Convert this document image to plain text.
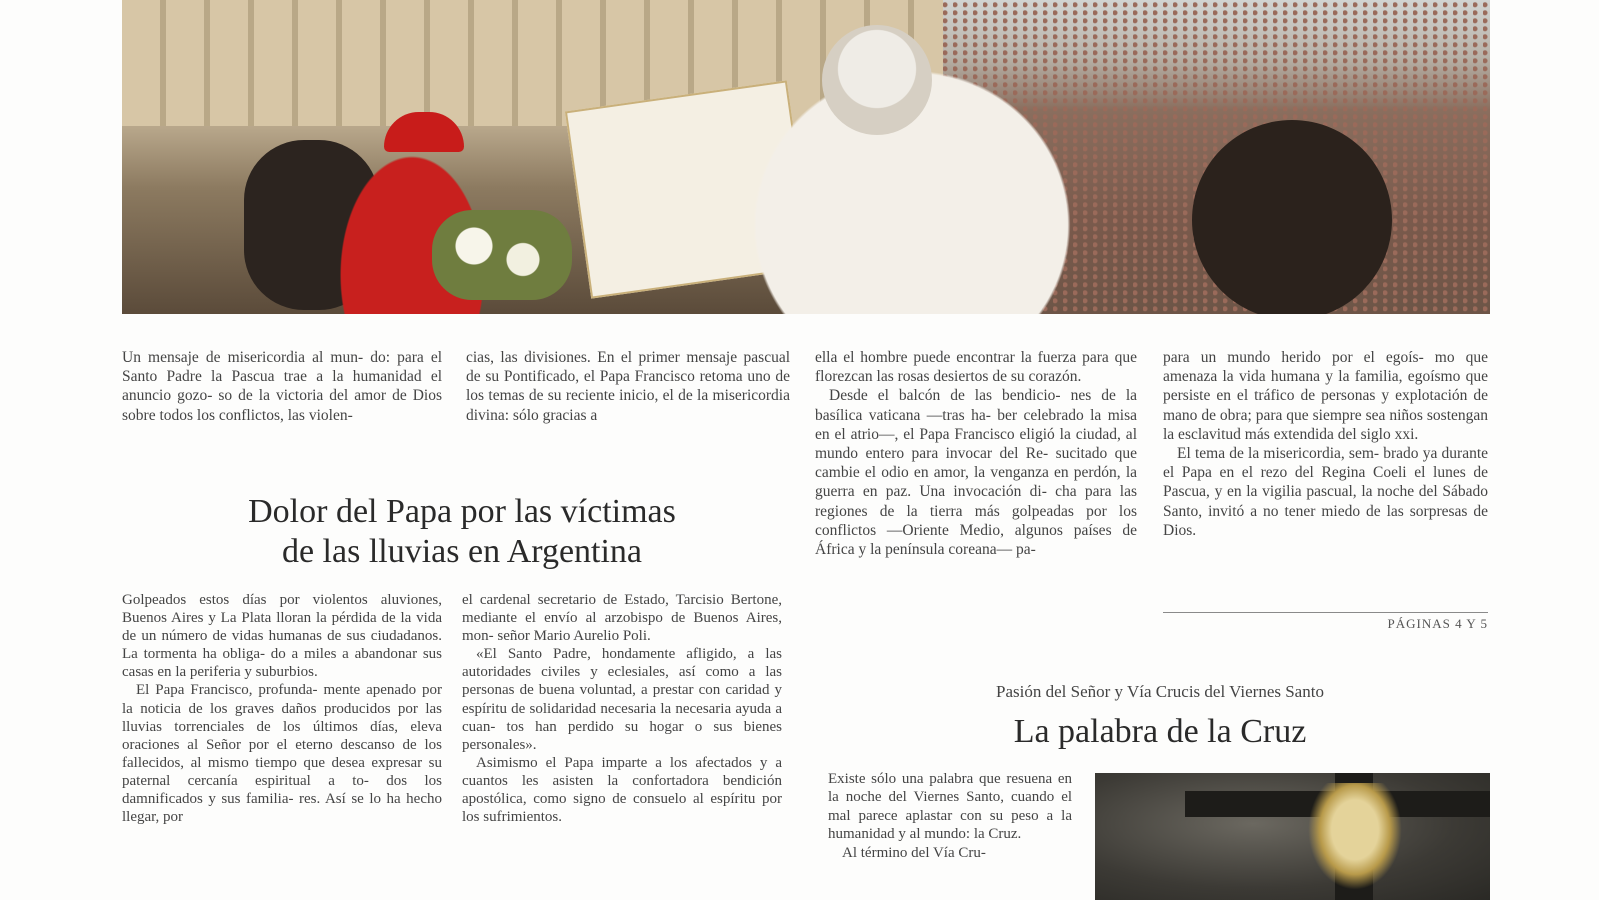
Un mensaje de misericordia al mun- do: para el Santo Padre la Pascua trae a la humanidad el anuncio gozo- so de la victoria del amor de Dios sobre todos los conflictos, las violen-

cias, las divisiones. En el primer mensaje pascual de su Pontificado, el Papa Francisco retoma uno de los temas de su reciente inicio, el de la misericordia divina: sólo gracias a

ella el hombre puede encontrar la fuerza para que florezcan las rosas desiertos de su corazón.

Desde el balcón de las bendicio- nes de la basílica vaticana —tras ha- ber celebrado la misa en el atrio—, el Papa Francisco eligió la ciudad, al mundo entero para invocar del Re- sucitado que cambie el odio en amor, la venganza en perdón, la guerra en paz. Una invocación di- cha para las regiones de la tierra más golpeadas por los conflictos —Oriente Medio, algunos países de África y la península coreana— pa-

para un mundo herido por el egoís- mo que amenaza la vida humana y la familia, egoísmo que persiste en el tráfico de personas y explotación de mano de obra; para que siempre sea niños sostengan la esclavitud más extendida del siglo xxi.

El tema de la misericordia, sem- brado ya durante el Papa en el rezo del Regina Coeli el lunes de Pascua, y en la vigilia pascual, la noche del Sábado Santo, invitó a no tener miedo de las sorpresas de Dios.

PÁGINAS 4 Y 5
Dolor del Papa por las víctimas
de las lluvias en Argentina

Golpeados estos días por violentos aluviones, Buenos Aires y La Plata lloran la pérdida de la vida de un número de vidas humanas de sus ciudadanos. La tormenta ha obliga- do a miles a abandonar sus casas en la periferia y suburbios.

El Papa Francisco, profunda- mente apenado por la noticia de los graves daños producidos por las lluvias torrenciales de los últimos días, eleva oraciones al Señor por el eterno descanso de los fallecidos, al mismo tiempo que desea expresar su paternal cercanía espiritual a to- dos los damnificados y sus familia- res. Así se lo ha hecho llegar, por

el cardenal secretario de Estado, Tarcisio Bertone, mediante el envío al arzobispo de Buenos Aires, mon- señor Mario Aurelio Poli.

«El Santo Padre, hondamente afligido, a las autoridades civiles y eclesiales, así como a las personas de buena voluntad, a prestar con caridad y espíritu de solidaridad necesaria la necesaria ayuda a cuan- tos han perdido su hogar o sus bienes personales».

Asimismo el Papa imparte a los afectados y a cuantos les asisten la confortadora bendición apostólica, como signo de consuelo al espíritu por los sufrimientos.

Pasión del Señor y Vía Crucis del Viernes Santo
La palabra de la Cruz

Existe sólo una palabra que resuena en la noche del Viernes Santo, cuando el mal parece aplastar con su peso a la humanidad y al mundo: la Cruz.

Al término del Vía Cru-
